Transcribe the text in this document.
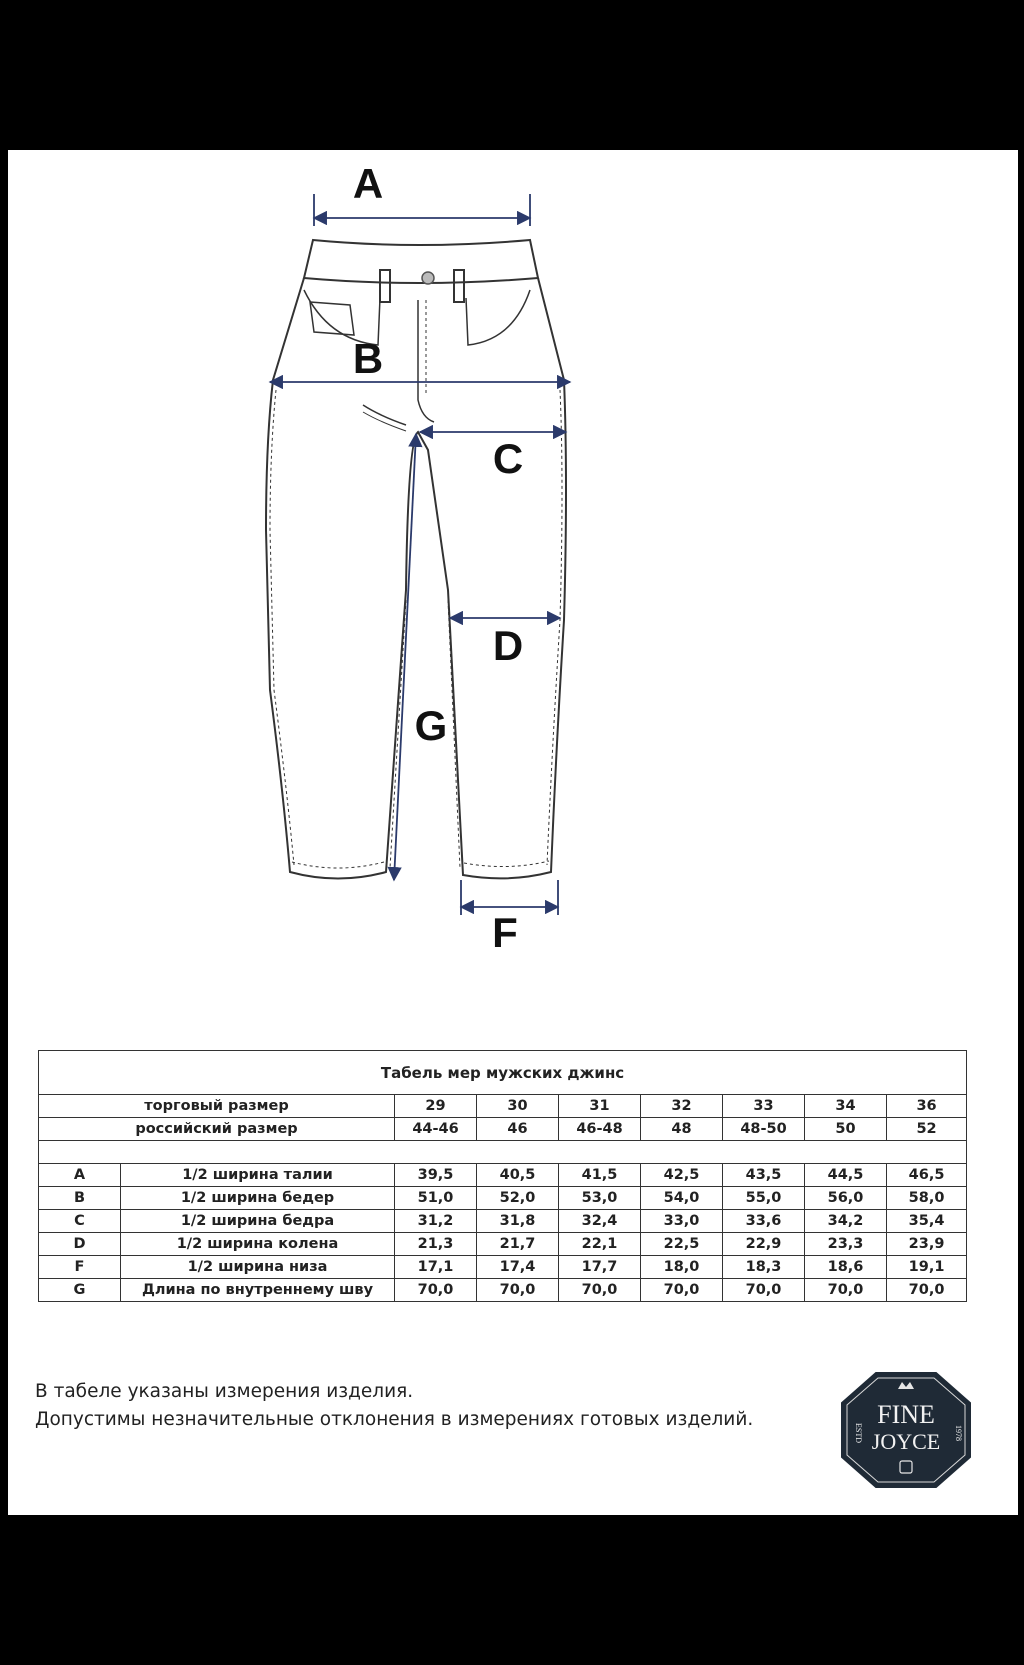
A
B
C
D
G
F
Табель мер мужских джинс								
торговый размер		29	30	31	32	33	34	36
российский размер		44-46	46	46-48	48	48-50	50	52

A	1/2 ширина талии	39,5	40,5	41,5	42,5	43,5	44,5	46,5
B	1/2 ширина бедер	51,0	52,0	53,0	54,0	55,0	56,0	58,0
C	1/2 ширина бедра	31,2	31,8	32,4	33,0	33,6	34,2	35,4
D	1/2 ширина колена	21,3	21,7	22,1	22,5	22,9	23,3	23,9
F	1/2 ширина низа	17,1	17,4	17,7	18,0	18,3	18,6	19,1
G	Длина по внутреннему шву	70,0	70,0	70,0	70,0	70,0	70,0	70,0
В табеле указаны измерения изделия.
Допустимы незначительные отклонения в измерениях готовых изделий.	FINE
JOYCE
ESTD	1978
